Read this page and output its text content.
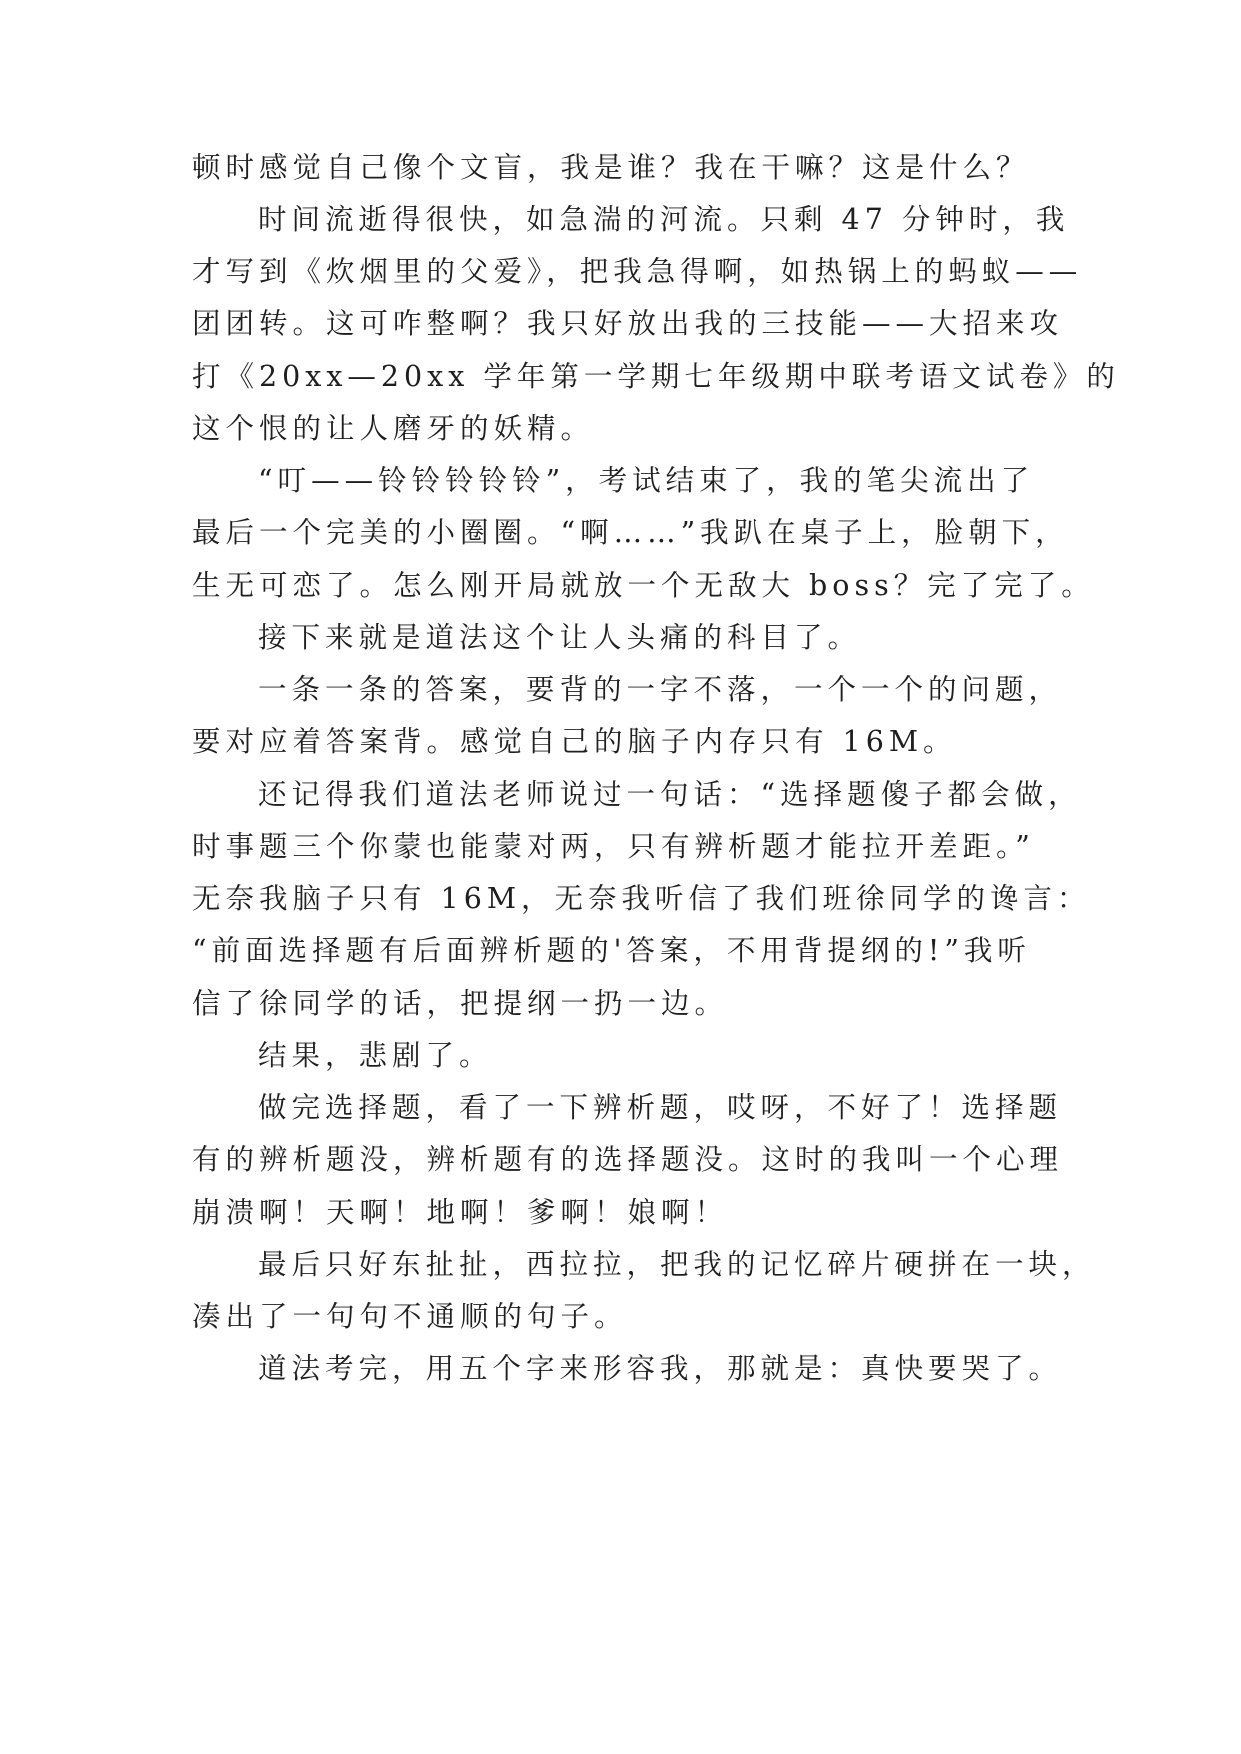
顿时感觉自己像个文盲，我是谁？我在干嘛？这是什么？

时间流逝得很快，如急湍的河流。只剩 47 分钟时，我

才写到《炊烟里的父爱》，把我急得啊，如热锅上的蚂蚁——

团团转。这可咋整啊？我只好放出我的三技能——大招来攻

打《20xx—20xx 学年第一学期七年级期中联考语文试卷》的

这个恨的让人磨牙的妖精。

“叮——铃铃铃铃铃”，考试结束了，我的笔尖流出了

最后一个完美的小圈圈。“啊……”我趴在桌子上，脸朝下，

生无可恋了。怎么刚开局就放一个无敌大 boss？完了完了。

接下来就是道法这个让人头痛的科目了。

一条一条的答案，要背的一字不落，一个一个的问题，

要对应着答案背。感觉自己的脑子内存只有 16M。

还记得我们道法老师说过一句话：“选择题傻子都会做，

时事题三个你蒙也能蒙对两，只有辨析题才能拉开差距。”

无奈我脑子只有 16M，无奈我听信了我们班徐同学的谗言：

“前面选择题有后面辨析题的'答案，不用背提纲的!”我听

信了徐同学的话，把提纲一扔一边。

结果，悲剧了。

做完选择题，看了一下辨析题，哎呀，不好了！选择题

有的辨析题没，辨析题有的选择题没。这时的我叫一个心理

崩溃啊！天啊！地啊！爹啊！娘啊！

最后只好东扯扯，西拉拉，把我的记忆碎片硬拼在一块，

凑出了一句句不通顺的句子。

道法考完，用五个字来形容我，那就是：真快要哭了。
